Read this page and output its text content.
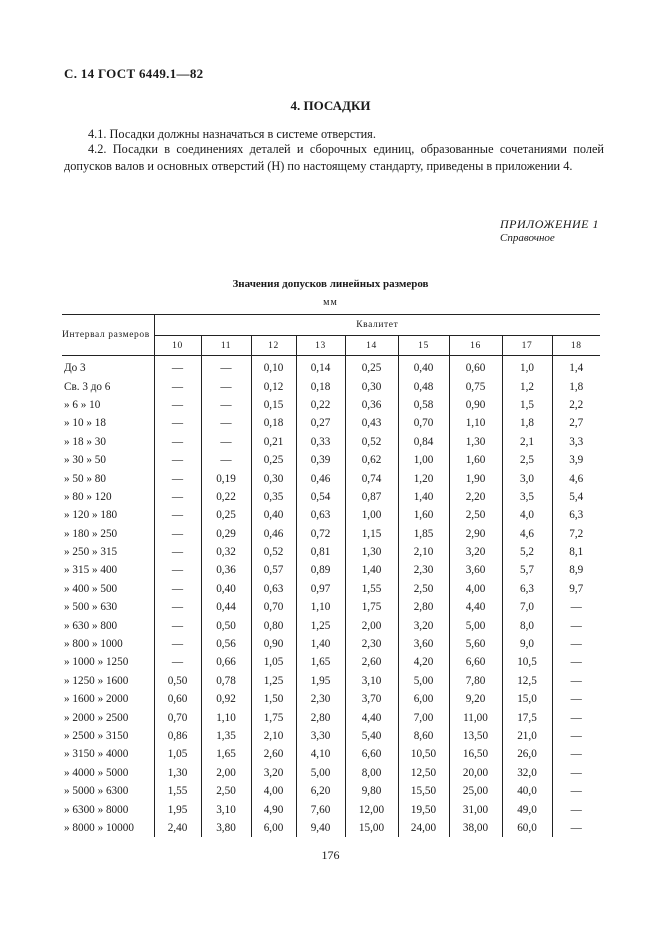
С. 14 ГОСТ 6449.1—82
4. ПОСАДКИ
4.1. Посадки должны назначаться в системе отверстия.
4.2. Посадки в соединениях деталей и сборочных единиц, образованные сочетаниями полей допусков валов и основных отверстий (H) по настоящему стандарту, приведены в приложении 4.
ПРИЛОЖЕНИЕ 1
Справочное
Значения допусков линейных размеров
мм
Интервал размеров	Квалитет								
	10	11	12	13	14	15	16	17	18
До 3	—	—	0,10	0,14	0,25	0,40	0,60	1,0	1,4
Св. 3 до 6	—	—	0,12	0,18	0,30	0,48	0,75	1,2	1,8
» 6 » 10	—	—	0,15	0,22	0,36	0,58	0,90	1,5	2,2
» 10 » 18	—	—	0,18	0,27	0,43	0,70	1,10	1,8	2,7
» 18 » 30	—	—	0,21	0,33	0,52	0,84	1,30	2,1	3,3
» 30 » 50	—	—	0,25	0,39	0,62	1,00	1,60	2,5	3,9
» 50 » 80	—	0,19	0,30	0,46	0,74	1,20	1,90	3,0	4,6
» 80 » 120	—	0,22	0,35	0,54	0,87	1,40	2,20	3,5	5,4
» 120 » 180	—	0,25	0,40	0,63	1,00	1,60	2,50	4,0	6,3
» 180 » 250	—	0,29	0,46	0,72	1,15	1,85	2,90	4,6	7,2
» 250 » 315	—	0,32	0,52	0,81	1,30	2,10	3,20	5,2	8,1
» 315 » 400	—	0,36	0,57	0,89	1,40	2,30	3,60	5,7	8,9
» 400 » 500	—	0,40	0,63	0,97	1,55	2,50	4,00	6,3	9,7
» 500 » 630	—	0,44	0,70	1,10	1,75	2,80	4,40	7,0	—
» 630 » 800	—	0,50	0,80	1,25	2,00	3,20	5,00	8,0	—
» 800 » 1000	—	0,56	0,90	1,40	2,30	3,60	5,60	9,0	—
» 1000 » 1250	—	0,66	1,05	1,65	2,60	4,20	6,60	10,5	—
» 1250 » 1600	0,50	0,78	1,25	1,95	3,10	5,00	7,80	12,5	—
» 1600 » 2000	0,60	0,92	1,50	2,30	3,70	6,00	9,20	15,0	—
» 2000 » 2500	0,70	1,10	1,75	2,80	4,40	7,00	11,00	17,5	—
» 2500 » 3150	0,86	1,35	2,10	3,30	5,40	8,60	13,50	21,0	—
» 3150 » 4000	1,05	1,65	2,60	4,10	6,60	10,50	16,50	26,0	—
» 4000 » 5000	1,30	2,00	3,20	5,00	8,00	12,50	20,00	32,0	—
» 5000 » 6300	1,55	2,50	4,00	6,20	9,80	15,50	25,00	40,0	—
» 6300 » 8000	1,95	3,10	4,90	7,60	12,00	19,50	31,00	49,0	—
» 8000 » 10000	2,40	3,80	6,00	9,40	15,00	24,00	38,00	60,0	—
176
